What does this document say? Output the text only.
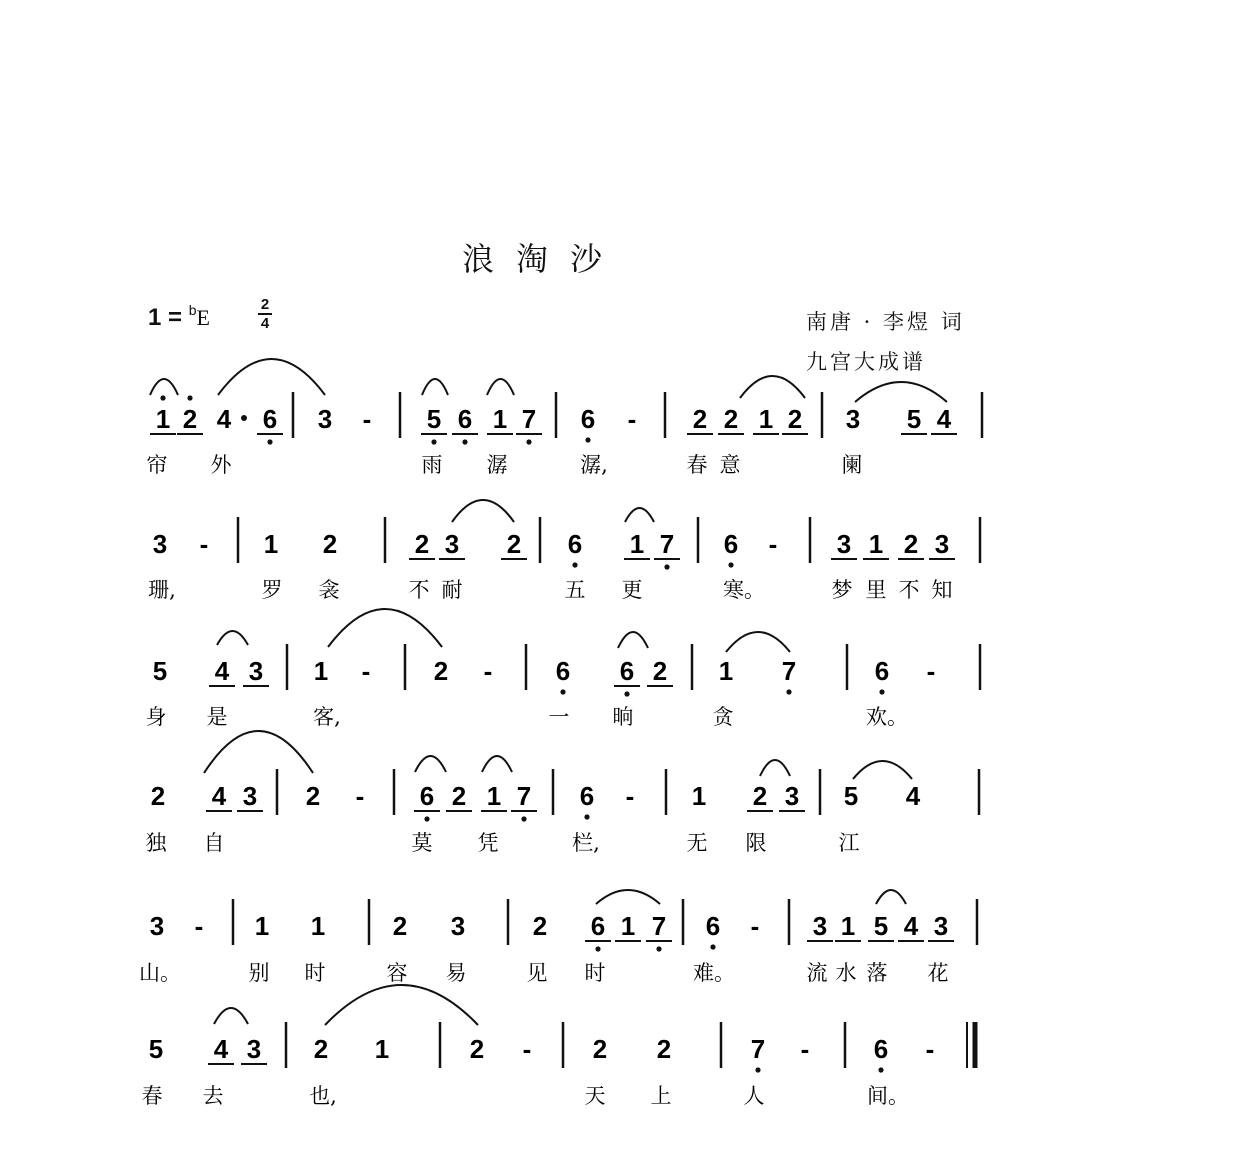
浪淘沙
1 = $^b$E
2
4	南唐 · 李煜 词
九宫大成谱
1 2 4 6 3 - 5 6 1 7 6 - 2 2 1 2 3 5 4
帘 外	雨 潺	潺,	春 意	阑
3 - 1 2	2 3 2 6 1 7 6 - 3 1 2 3
珊,	罗 衾	不 耐	五 更	寒。	梦 里 不 知
5 4 3 1 - 2 - 6 6 2 1 7	6 -
身 是	客,	一 晌	贪	欢。
2 4 3 2 - 6 2 1 7 6 - 1 2 3 5 4
独 自	莫 凭	栏,	无 限	江
3 - 1 1	2 3	2 6 1 7 6 - 3 1 5 4 3
山。	别 时	容 易	见 时	难。	流 水 落 花
5 4 3 2 1	2 - 2 2	7 - 6 -
春 去	也,	天 上	人	间。
